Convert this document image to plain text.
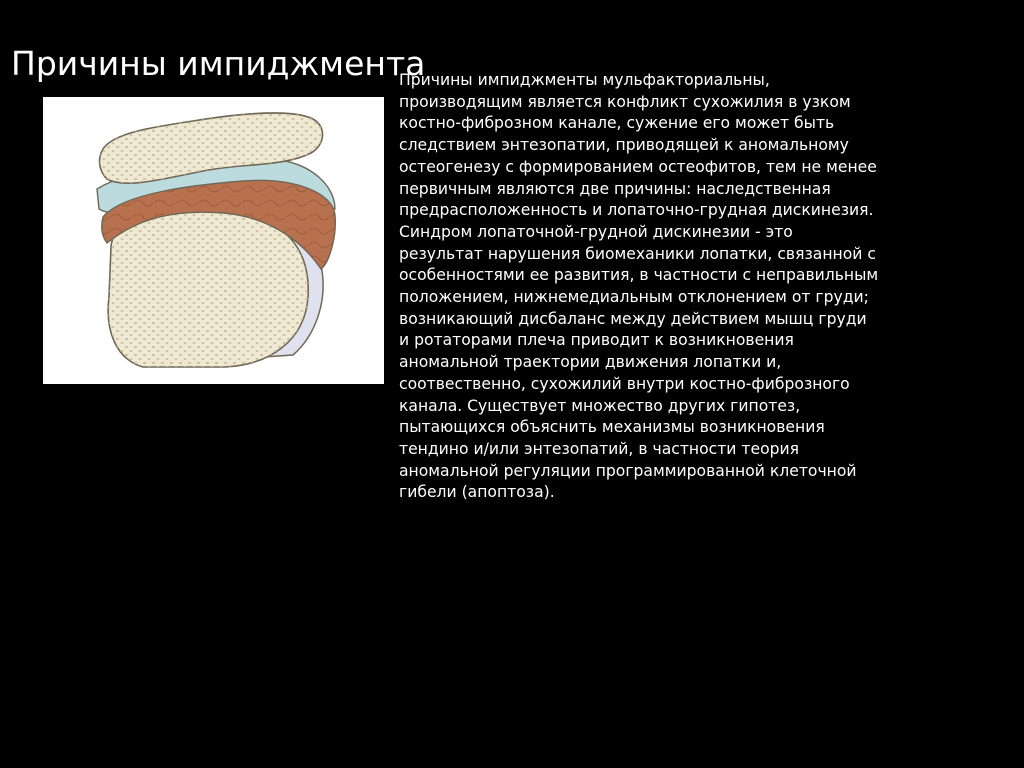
Причины импиджмента

Причины импиджменты мульфакториальны,
производящим является конфликт сухожилия в узком
костно-фиброзном канале, сужение его может быть
следствием энтезопатии, приводящей к аномальному
остеогенезу с формированием остеофитов, тем не менее
первичным являются две причины: наследственная
предрасположенность и лопаточно-грудная дискинезия.
Синдром лопаточной-грудной дискинезии - это
результат нарушения биомеханики лопатки, связанной с
особенностями ее развития, в частности с неправильным
положением, нижнемедиальным отклонением от груди;
возникающий дисбаланс между действием мышц груди
и ротаторами плеча приводит к возникновения
аномальной траектории движения лопатки и,
соотвественно, сухожилий внутри костно-фиброзного
канала. Существует множество других гипотез,
пытающихся объяснить механизмы возникновения
тендино и/или энтезопатий, в частности теория
аномальной регуляции программированной клеточной
гибели (апоптоза).
